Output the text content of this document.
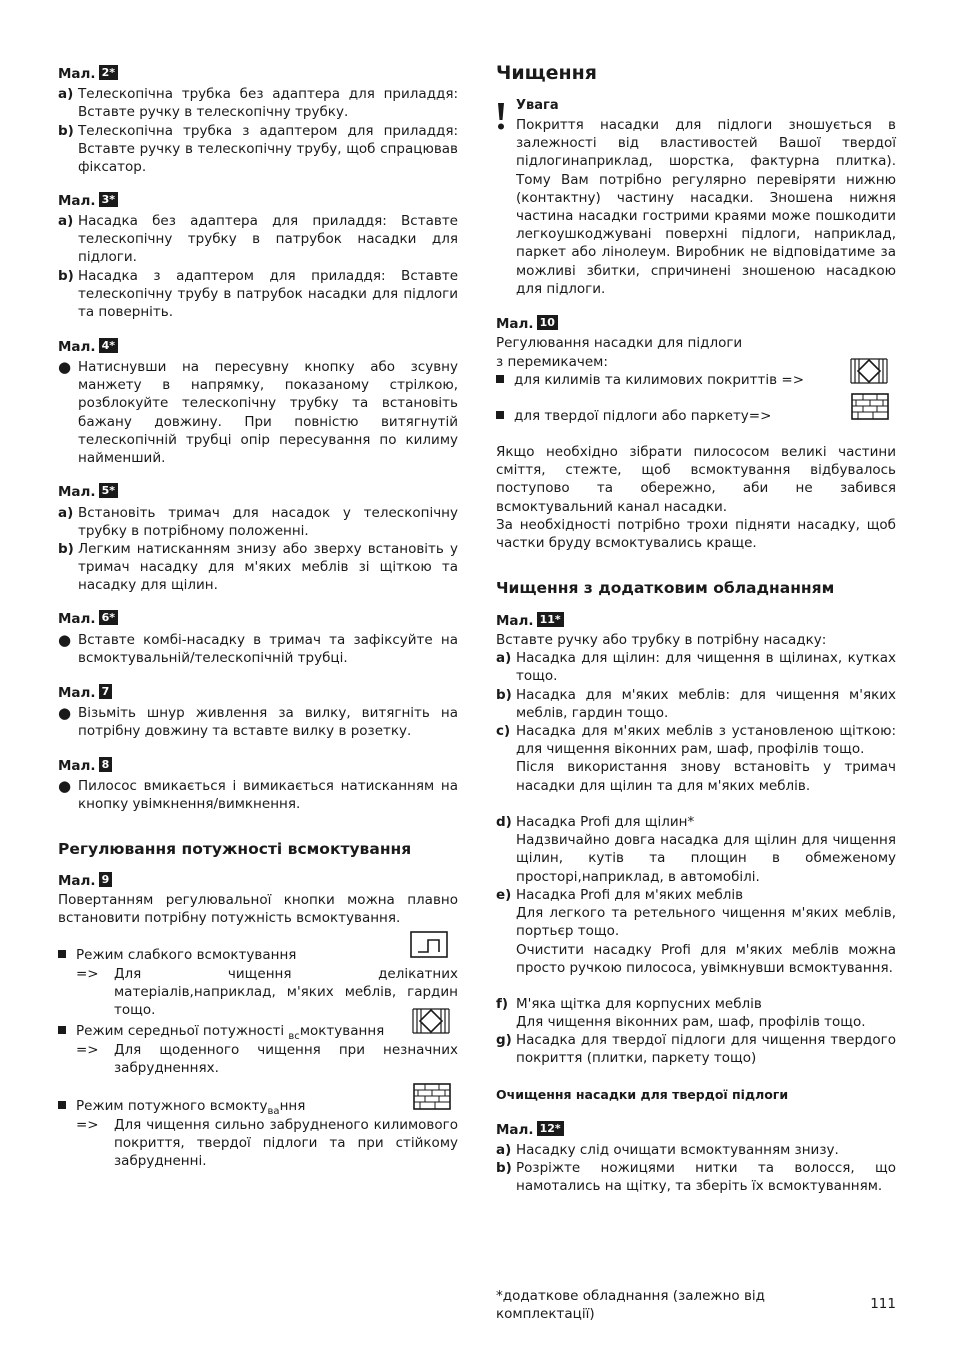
Мал. 2*
a) Телескопічна трубка без адаптера для приладдя: Вставте ручку в телескопічну трубку.
b) Телескопічна трубка з адаптером для приладдя: Вставте ручку в телескопічну трубу, щоб спрацював фіксатор.
Мал. 3*
a) Насадка без адаптера для приладдя: Вставте телескопічну трубку в патрубок насадки для підлоги.
b) Насадка з адаптером для приладдя: Вставте телескопічну трубу в патрубок насадки для підлоги та поверніть.
Мал. 4*
● Натиснувши на пересувну кнопку або зсувну манжету в напрямку, показаному стрілкою, розблокуйте телескопічну трубку та встановіть бажану довжину. При повністю витягнутій телескопічній трубці опір пересування по килиму найменший.
Мал. 5*
a) Встановіть тримач для насадок у телескопічну трубку в потрібному положенні.
b) Легким натисканням знизу або зверху встановіть у тримач насадку для м'яких меблів зі щіткою та насадку для щілин.
Мал. 6*
● Вставте комбі-насадку в тримач та зафіксуйте на всмоктувальній/телескопічній трубці.
Мал. 7
● Візьміть шнур живлення за вилку, витягніть на потрібну довжину та вставте вилку в розетку.
Мал. 8
● Пилосос вмикається і вимикається натисканням на кнопку увімкнення/вимкнення.
Регулювання потужності всмоктування
Мал. 9
Повертанням регулювальної кнопки можна плавно встановити потрібну потужність всмоктування.
Режим слабкого всмоктування
=>	Для чищення делікатних матеріалів,наприклад, м'яких меблів, гардин тощо.
Режим середньої потужності $_{вс}$моктування
=>	Для щоденного чищення при незначних забрудненнях.
Режим потужного всмокту$_{ва}$ння
=>	Для чищення сильно забрудненого килимового покриття, твердої підлоги та при стійкому забрудненні.
Чищення
Увага
Покриття насадки для підлоги зношується в залежності від властивостей Вашої твердої підлогинаприклад, шорстка, фактурна плитка). Тому Вам потрібно регулярно перевіряти нижню (контактну) частину насадки. Зношена нижня частина насадки гострими краями може пошкодити легкоушкоджувані поверхні підлоги, наприклад, паркет або лінолеум. Виробник не відповідатиме за можливі збитки, спричинені зношеною насадкою для підлоги.
Мал. 10
Регулювання насадки для підлоги
з перемикачем:
для килимів та килимових покриттів =>
для твердої підлоги або паркету=>
Якщо необхідно зібрати пилососом великі частини сміття, стежте, щоб всмоктування відбувалось поступово та обережно, аби не забився всмоктувальний канал насадки.
За необхідності потрібно трохи підняти насадку, щоб частки бруду всмоктувались краще.
Чищення з додатковим обладнанням
Мал. 11*
Вставте ручку або трубку в потрібну насадку:
a) Насадка для щілин: для чищення в щілинах, кутках тощо.
b) Насадка для м'яких меблів: для чищення м'яких меблів, гардин тощо.
c) Насадка для м'яких меблів з установленою щіткою: для чищення віконних рам, шаф, профілів тощо.
Після використання знову встановіть у тримач насадки для щілин та для м'яких меблів.
d) Насадка Profi для щілин*
Надзвичайно довга насадка для щілин для чищення щілин, кутів та площин в обмеженому просторі,наприклад, в автомобілі.
e) Насадка Profi для м'яких меблів
Для легкого та ретельного чищення м'яких меблів, портьєр тощо.
Очистити насадку Profi для м'яких меблів можна просто ручкою пилососа, увімкнувши всмоктування.
f) М'яка щітка для корпусних меблів
Для чищення віконних рам, шаф, профілів тощо.
g) Насадка для твердої підлоги для чищення твердого покриття (плитки, паркету тощо)
Очищення насадки для твердої підлоги
Мал. 12*
a) Насадку слід очищати всмоктуванням знизу.
b) Розріжте ножицями нитки та волосся, що намотались на щітку, та зберіть їх всмоктуванням.
*додаткове обладнання (залежно від комплектації)
111
